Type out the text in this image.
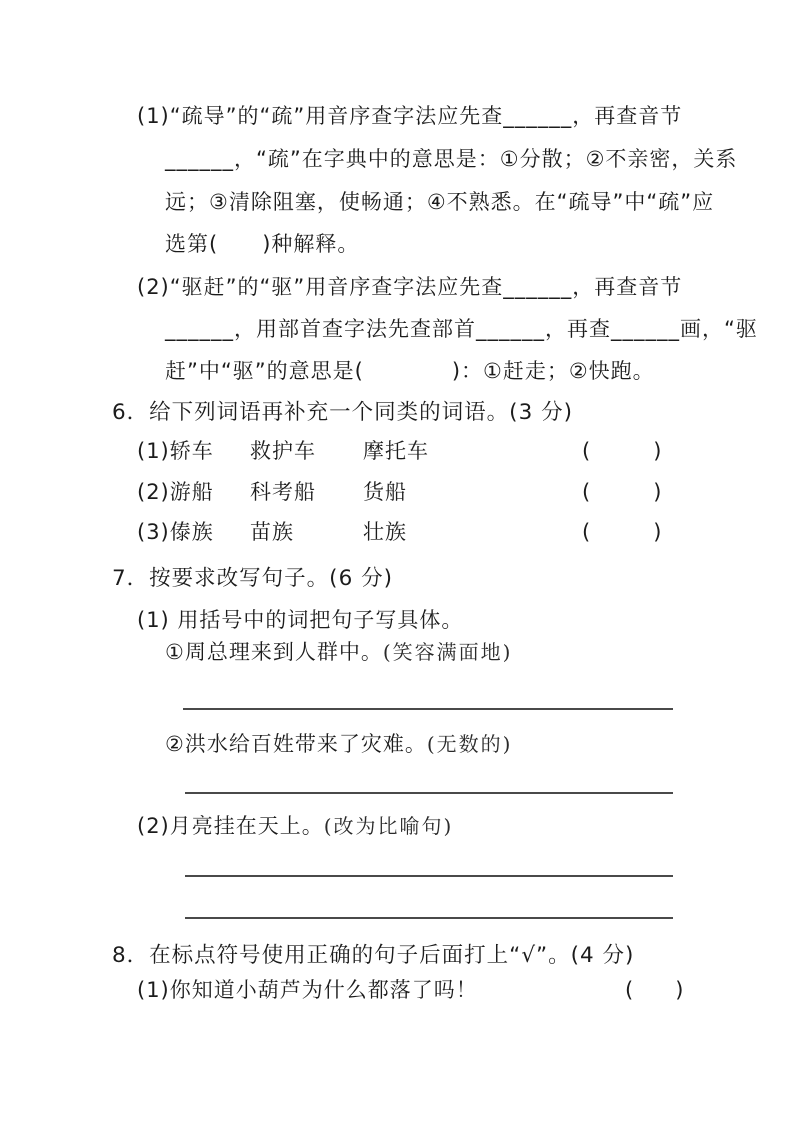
(1)“疏导”的“疏”用音序查字法应先查______，再查音节
______，“疏”在字典中的意思是：①分散；②不亲密，关系
远；③清除阻塞，使畅通；④不熟悉。在“疏导”中“疏”应
选第(　　)种解释。
(2)“驱赶”的“驱”用音序查字法应先查______，再查音节
______，用部首查字法先查部首______，再查______画，“驱
赶”中“驱”的意思是(　　　　)：①赶走；②快跑。
6．给下列词语再补充一个同类的词语。(3 分)
(1)轿车 救护车 摩托车	(　　　)
(2)游船 科考船 货船	(　　　)
(3)傣族 苗族	壮族	(　　　)
7．按要求改写句子。(6 分)
(1) 用括号中的词把句子写具体。
①周总理来到人群中。(笑容满面地)
②洪水给百姓带来了灾难。(无数的)
(2)月亮挂在天上。(改为比喻句)
8．在标点符号使用正确的句子后面打上“√”。(4 分)
(1)你知道小葫芦为什么都落了吗！	(　　)
